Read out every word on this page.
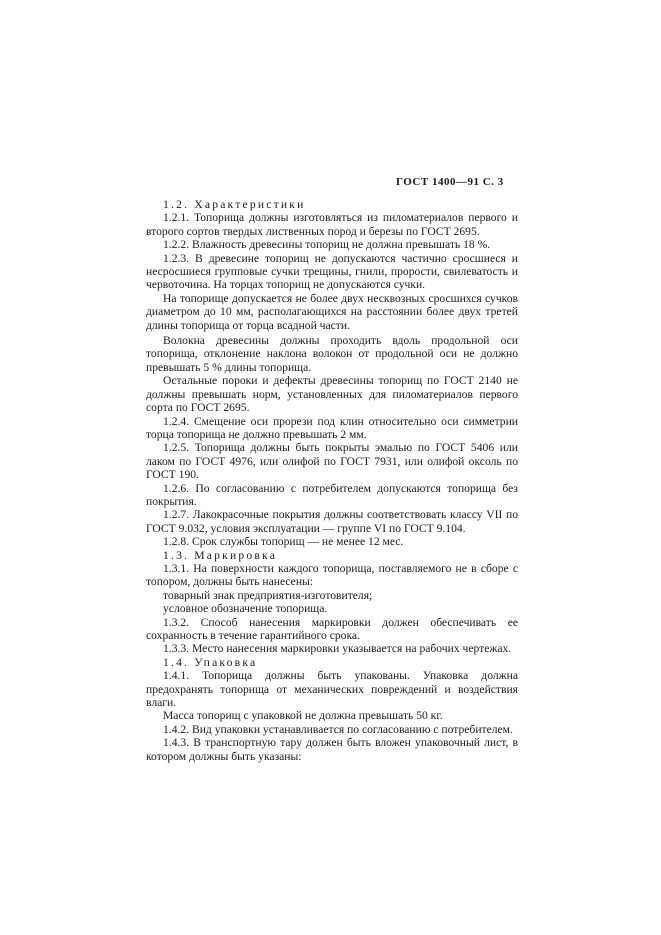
ГОСТ 1400—91 С. 3

1.2. Характеристики

1.2.1. Топорища должны изготовляться из пиломатериалов первого и второго сортов твердых лиственных пород и березы по ГОСТ 2695.

1.2.2. Влажность древесины топорищ не должна превышать 18 %.

1.2.3. В древесине топорищ не допускаются частично сросшиеся и несросшиеся групповые сучки трещины, гнили, прорости, свилеватость и червоточина. На торцах топорищ не допускаются сучки.

На топорище допускается не более двух несквозных сросшихся сучков диаметром до 10 мм, располагающихся на расстоянии более двух третей длины топорища от торца всадной части.

Волокна древесины должны проходить вдоль продольной оси топорища, отклонение наклона волокон от продольной оси не должно превышать 5 % длины топорища.

Остальные пороки и дефекты древесины топорищ по ГОСТ 2140 не должны превышать норм, установленных для пиломатериалов первого сорта по ГОСТ 2695.

1.2.4. Смещение оси прорези под клин относительно оси симметрии торца топорища не должно превышать 2 мм.

1.2.5. Топорища должны быть покрыты эмалью по ГОСТ 5406 или лаком по ГОСТ 4976, или олифой по ГОСТ 7931, или олифой оксоль по ГОСТ 190.

1.2.6. По согласованию с потребителем допускаются топорища без покрытия.

1.2.7. Лакокрасочные покрытия должны соответствовать классу VII по ГОСТ 9.032, условия эксплуатации — группе VI по ГОСТ 9.104.

1.2.8. Срок службы топорищ — не менее 12 мес.

1.3. Маркировка

1.3.1. На поверхности каждого топорища, поставляемого не в сборе с топором, должны быть нанесены:

товарный знак предприятия-изготовителя;

условное обозначение топорища.

1.3.2. Способ нанесения маркировки должен обеспечивать ее сохранность в течение гарантийного срока.

1.3.3. Место нанесения маркировки указывается на рабочих чертежах.

1.4. Упаковка

1.4.1. Топорища должны быть упакованы. Упаковка должна предохранять топорища от механических повреждений и воздействия влаги.

Масса топорищ с упаковкой не должна превышать 50 кг.

1.4.2. Вид упаковки устанавливается по согласованию с потребителем.

1.4.3. В транспортную тару должен быть вложен упаковочный лист, в котором должны быть указаны:
